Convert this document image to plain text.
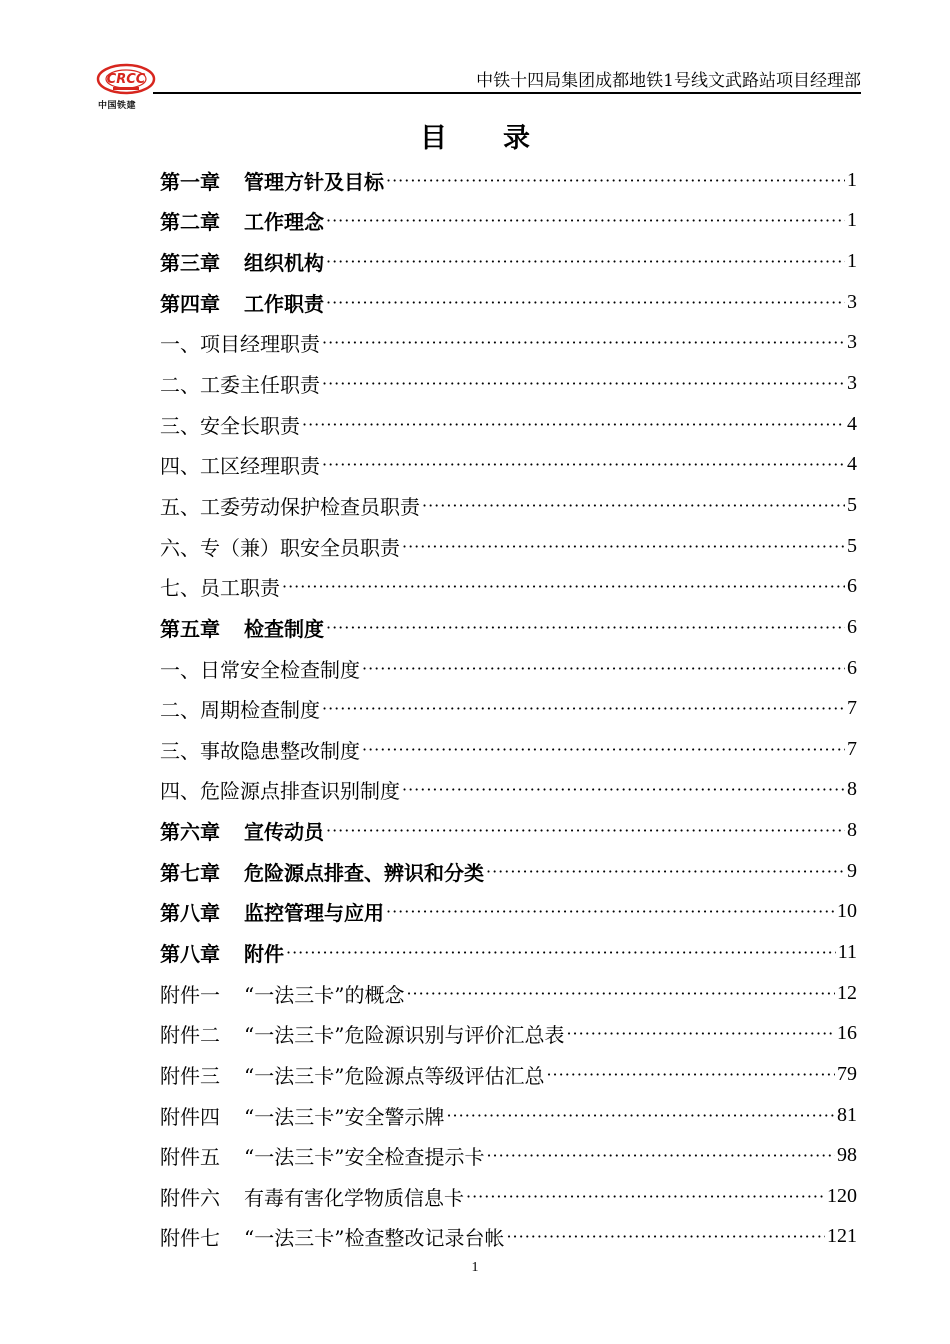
CRCC
中国铁建
中铁十四局集团成都地铁1号线文武路站项目经理部
目录
第一章 管理方针及目标 ·····	1
第二章 工作理念 ·····	1
第三章 组织机构 ·····	1
第四章 工作职责 ·····	3
一、项目经理职责 ·····	3
二、工委主任职责 ·····	3
三、安全长职责 ·····	4
四、工区经理职责 ·····	4
五、工委劳动保护检查员职责 ·····	5
六、专（兼）职安全员职责 ·····	5
七、员工职责 ·····	6
第五章 检查制度 ·····	6
一、日常安全检查制度 ·····	6
二、周期检查制度 ·····	7
三、事故隐患整改制度 ·····	7
四、危险源点排查识别制度 ·····	8
第六章 宣传动员 ·····	8
第七章 危险源点排查、辨识和分类 ·····	9
第八章 监控管理与应用 ·····	10
第八章 附件 ·····	11
附件一 “一法三卡”的概念 ·····	12
附件二 “一法三卡”危险源识别与评价汇总表 ·····	16
附件三 “一法三卡”危险源点等级评估汇总 ·····	79
附件四 “一法三卡”安全警示牌 ·····	81
附件五 “一法三卡”安全检查提示卡 ·····	98
附件六 有毒有害化学物质信息卡 ·····	120
附件七 “一法三卡”检查整改记录台帐 ·····	121
1
